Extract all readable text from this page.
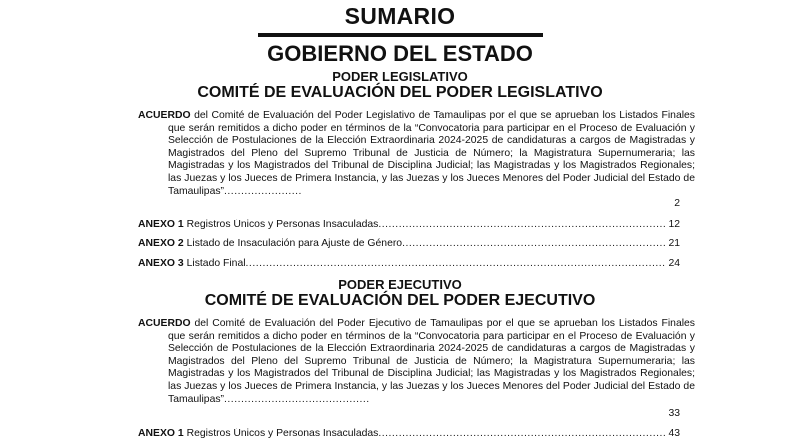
SUMARIO
GOBIERNO DEL ESTADO
PODER LEGISLATIVO
COMITÉ DE EVALUACIÓN DEL PODER LEGISLATIVO
ACUERDO del Comité de Evaluación del Poder Legislativo de Tamaulipas por el que se aprueban los Listados Finales que serán remitidos a dicho poder en términos de la “Convocatoria para participar en el Proceso de Evaluación y Selección de Postulaciones de la Elección Extraordinaria 2024-2025 de candidaturas a cargos de Magistradas y Magistrados del Pleno del Supremo Tribunal de Justicia de Número; la Magistratura Supernumeraria; las Magistradas y los Magistrados del Tribunal de Disciplina Judicial; las Magistradas y los Magistrados Regionales; las Juezas y los Jueces de Primera Instancia, y las Juezas y los Jueces Menores del Poder Judicial del Estado de Tamaulipas”.......................
2
ANEXO 1 Registros Únicos y Personas Insaculadas .....	12
ANEXO 2 Listado de Insaculación para Ajuste de Género .....	21
ANEXO 3 Listado Final .....	24
PODER EJECUTIVO
COMITÉ DE EVALUACIÓN DEL PODER EJECUTIVO
ACUERDO del Comité de Evaluación del Poder Ejecutivo de Tamaulipas por el que se aprueban los Listados Finales que serán remitidos a dicho poder en términos de la “Convocatoria para participar en el Proceso de Evaluación y Selección de Postulaciones de la Elección Extraordinaria 2024-2025 de candidaturas a cargos de Magistradas y Magistrados del Pleno del Supremo Tribunal de Justicia de Número; la Magistratura Supernumeraria; las Magistradas y los Magistrados del Tribunal de Disciplina Judicial; las Magistradas y los Magistrados Regionales; las Juezas y los Jueces de Primera Instancia, y las Juezas y los Jueces Menores del Poder Judicial del Estado de Tamaulipas”...........................................
33
ANEXO 1 Registros Únicos y Personas Insaculadas .....	43
